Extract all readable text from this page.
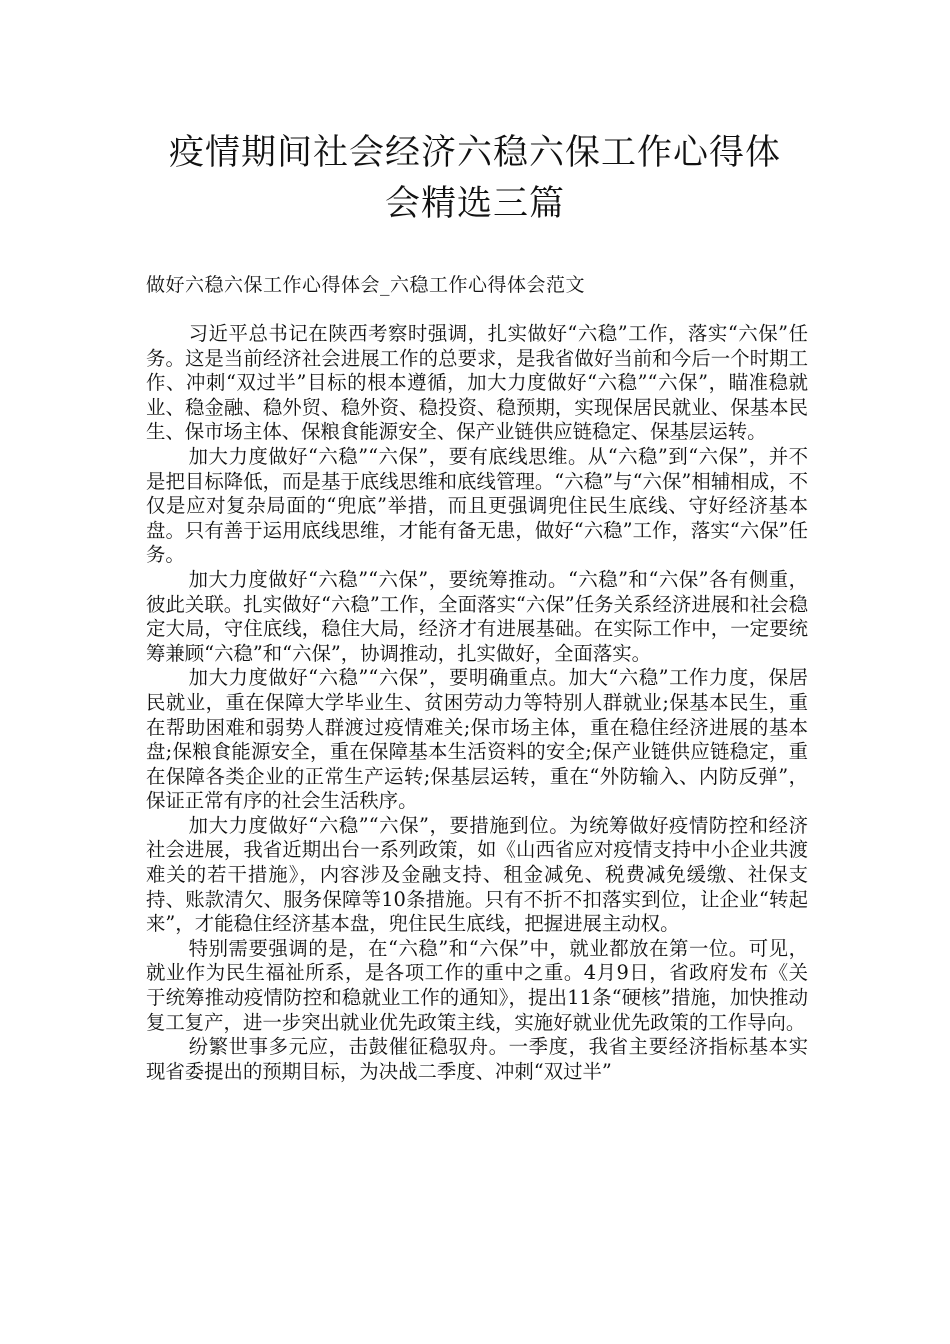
疫情期间社会经济六稳六保工作心得体
会精选三篇

做好六稳六保工作心得体会_六稳工作心得体会范文

习近平总书记在陕西考察时强调，扎实做好“六稳”工作，落实“六保”任务。这是当前经济社会进展工作的总要求，是我省做好当前和今后一个时期工作、冲刺“双过半”目标的根本遵循，加大力度做好“六稳”“六保”，瞄准稳就业、稳金融、稳外贸、稳外资、稳投资、稳预期，实现保居民就业、保基本民生、保市场主体、保粮食能源安全、保产业链供应链稳定、保基层运转。

加大力度做好“六稳”“六保”，要有底线思维。从“六稳”到“六保”，并不是把目标降低，而是基于底线思维和底线管理。“六稳”与“六保”相辅相成，不仅是应对复杂局面的“兜底”举措，而且更强调兜住民生底线、守好经济基本盘。只有善于运用底线思维，才能有备无患，做好“六稳”工作，落实“六保”任务。

加大力度做好“六稳”“六保”，要统筹推动。“六稳”和“六保”各有侧重，彼此关联。扎实做好“六稳”工作，全面落实“六保”任务关系经济进展和社会稳定大局，守住底线，稳住大局，经济才有进展基础。在实际工作中，一定要统筹兼顾“六稳”和“六保”，协调推动，扎实做好，全面落实。

加大力度做好“六稳”“六保”，要明确重点。加大“六稳”工作力度，保居民就业，重在保障大学毕业生、贫困劳动力等特别人群就业;保基本民生，重在帮助困难和弱势人群渡过疫情难关;保市场主体，重在稳住经济进展的基本盘;保粮食能源安全，重在保障基本生活资料的安全;保产业链供应链稳定，重在保障各类企业的正常生产运转;保基层运转，重在“外防输入、内防反弹”，保证正常有序的社会生活秩序。

加大力度做好“六稳”“六保”，要措施到位。为统筹做好疫情防控和经济社会进展，我省近期出台一系列政策，如《山西省应对疫情支持中小企业共渡难关的若干措施》，内容涉及金融支持、租金减免、税费减免缓缴、社保支持、账款清欠、服务保障等10条措施。只有不折不扣落实到位，让企业“转起来”，才能稳住经济基本盘，兜住民生底线，把握进展主动权。

特别需要强调的是，在“六稳”和“六保”中，就业都放在第一位。可见，就业作为民生福祉所系，是各项工作的重中之重。4月9日，省政府发布《关于统筹推动疫情防控和稳就业工作的通知》，提出11条“硬核”措施，加快推动复工复产，进一步突出就业优先政策主线，实施好就业优先政策的工作导向。

纷繁世事多元应，击鼓催征稳驭舟。一季度，我省主要经济指标基本实现省委提出的预期目标，为决战二季度、冲刺“双过半”
